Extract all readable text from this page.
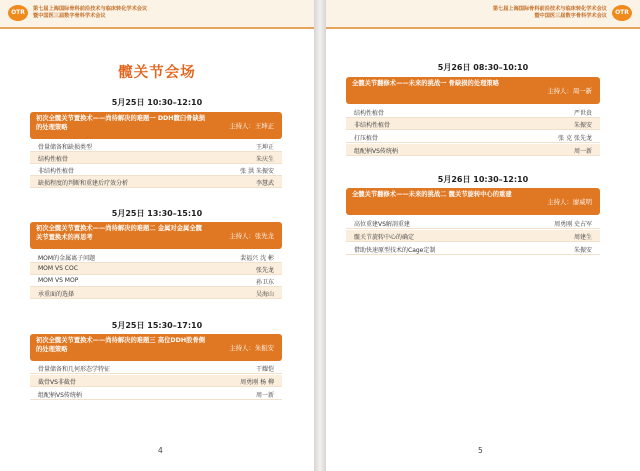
OTR	第七届上海国际骨科前沿技术与临床转化学术会议
暨中国医三届数字骨科学术会议
髋关节会场
5月25日 10:30–12:10
初次全髋关节置换术——尚待解决的难题一 DDH髋臼骨缺损的处理策略	主持人：王坤正
骨量储备和缺损类型	王坤正
结构性植骨	朱庆生
非结构性植骨	张 洪 朱振安
缺损程度的判断和重建后疗效分析	李慧武
5月25日 13:30–15:10
初次全髋关节置换术——尚待解决的难题二 金属对金属全髋关节置换术的再思考	主持人：张先龙
MOM的金属离子问题	裴福兴 沈 彬
MOM VS COC	张先龙
MOM VS MOP	孙卫东
承重面的选择	吴海山
5月25日 15:30–17:10
初次全髋关节置换术——尚待解决的难题三 高位DDH股骨侧的处理策略	主持人：朱振安
骨量储备和几何形态学特征	干耀恺
截骨VS非截骨	周勇刚 杨 柳
组配柄VS传统柄	周一新
4
第七届上海国际骨科前沿技术与临床转化学术会议
暨中国医三届数字骨科学术会议	OTR
5月26日 08:30–10:10
全髋关节翻修术——未来的挑战一 骨缺损的处理策略
主持人：周一新
结构性植骨	严世贵
非结构性植骨	朱振安
打压植骨	张 克 张先龙
组配柄VS传统柄	周一新
5月26日 10:30–12:10
全髋关节翻修术——未来的挑战二 髋关节旋转中心的重建
主持人：廖威明
高位重建VS解剖重建	周勇刚 史占军
髋关节旋转中心的确定	周建生
借助快速原型技术的Cage定制	朱振安
5
